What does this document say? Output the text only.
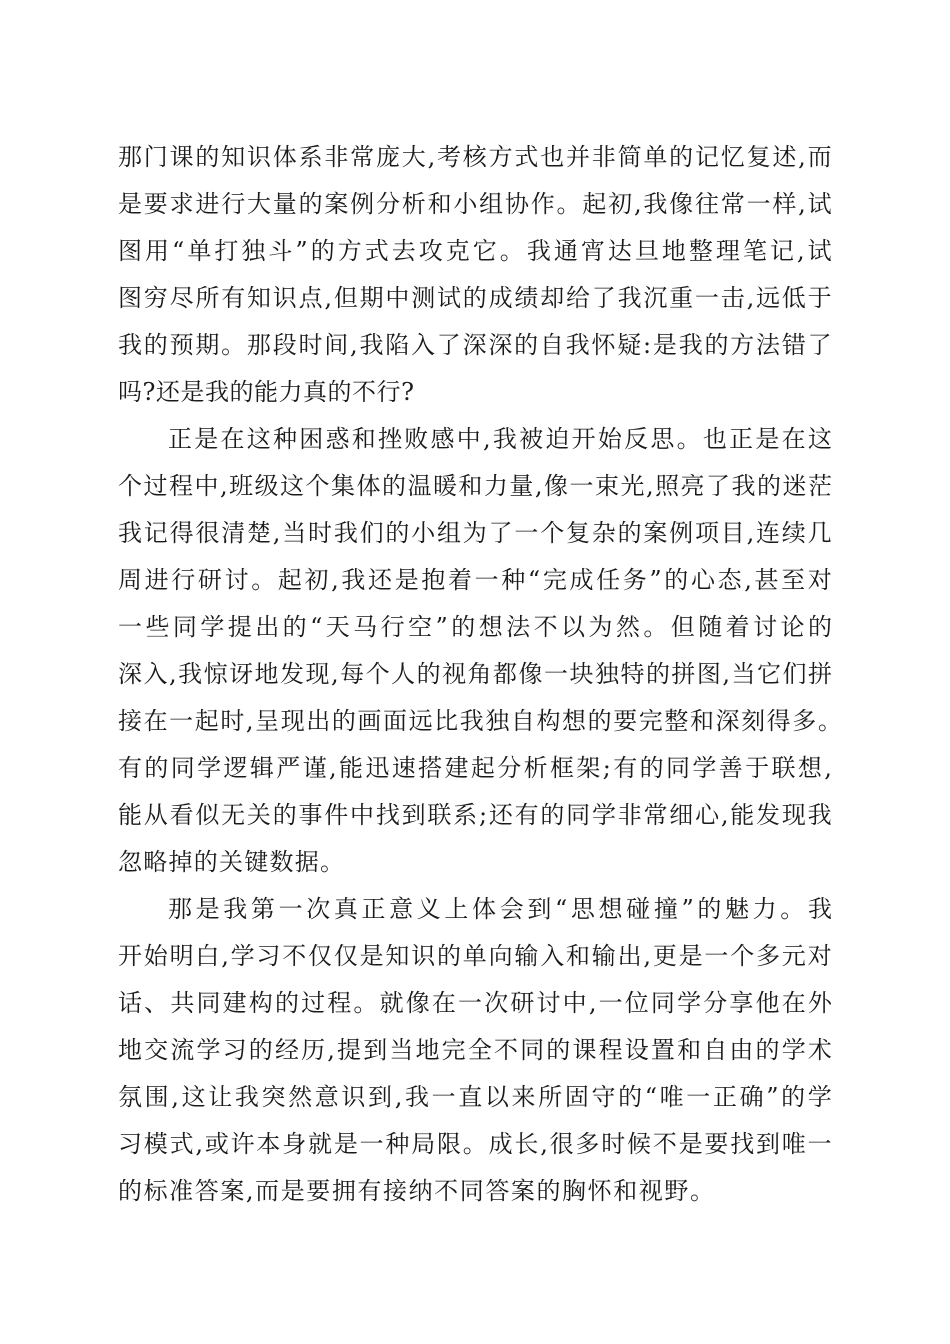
那 门 课 的 知 识 体 系 非 常 庞 大 , 考 核 方 式 也 并 非 简 单 的 记 忆 复 述 , 而
是 要 求 进 行 大 量 的 案 例 分 析 和 小 组 协 作 。 起 初 , 我 像 往 常 一 样 , 试
图 用 “ 单 打 独 斗 ” 的 方 式 去 攻 克 它 。 我 通 宵 达 旦 地 整 理 笔 记 , 试
图 穷 尽 所 有 知 识 点 , 但 期 中 测 试 的 成 绩 却 给 了 我 沉 重 一 击 , 远 低 于
我 的 预 期 。 那 段 时 间 , 我 陷 入 了 深 深 的 自 我 怀 疑 : 是 我 的 方 法 错 了
吗 ? 还 是 我 的 能 力 真 的 不 行 ?
正 是 在 这 种 困 惑 和 挫 败 感 中 , 我 被 迫 开 始 反 思 。 也 正 是 在 这
个 过 程 中 , 班 级 这 个 集 体 的 温 暖 和 力 量 , 像 一 束 光 , 照 亮 了 我 的 迷 茫
我 记 得 很 清 楚 , 当 时 我 们 的 小 组 为 了 一 个 复 杂 的 案 例 项 目 , 连 续 几
周 进 行 研 讨 。 起 初 , 我 还 是 抱 着 一 种 “ 完 成 任 务 ” 的 心 态 , 甚 至 对
一 些 同 学 提 出 的 “ 天 马 行 空 ” 的 想 法 不 以 为 然 。 但 随 着 讨 论 的
深 入 , 我 惊 讶 地 发 现 , 每 个 人 的 视 角 都 像 一 块 独 特 的 拼 图 , 当 它 们 拼
接 在 一 起 时 , 呈 现 出 的 画 面 远 比 我 独 自 构 想 的 要 完 整 和 深 刻 得 多 。
有 的 同 学 逻 辑 严 谨 , 能 迅 速 搭 建 起 分 析 框 架 ; 有 的 同 学 善 于 联 想 ,
能 从 看 似 无 关 的 事 件 中 找 到 联 系 ; 还 有 的 同 学 非 常 细 心 , 能 发 现 我
忽 略 掉 的 关 键 数 据 。
那 是 我 第 一 次 真 正 意 义 上 体 会 到 “ 思 想 碰 撞 ” 的 魅 力 。 我
开 始 明 白 , 学 习 不 仅 仅 是 知 识 的 单 向 输 入 和 输 出 , 更 是 一 个 多 元 对
话 、 共 同 建 构 的 过 程 。 就 像 在 一 次 研 讨 中 , 一 位 同 学 分 享 他 在 外
地 交 流 学 习 的 经 历 , 提 到 当 地 完 全 不 同 的 课 程 设 置 和 自 由 的 学 术
氛 围 , 这 让 我 突 然 意 识 到 , 我 一 直 以 来 所 固 守 的 “ 唯 一 正 确 ” 的 学
习 模 式 , 或 许 本 身 就 是 一 种 局 限 。 成 长 , 很 多 时 候 不 是 要 找 到 唯 一
的 标 准 答 案 , 而 是 要 拥 有 接 纳 不 同 答 案 的 胸 怀 和 视 野 。
